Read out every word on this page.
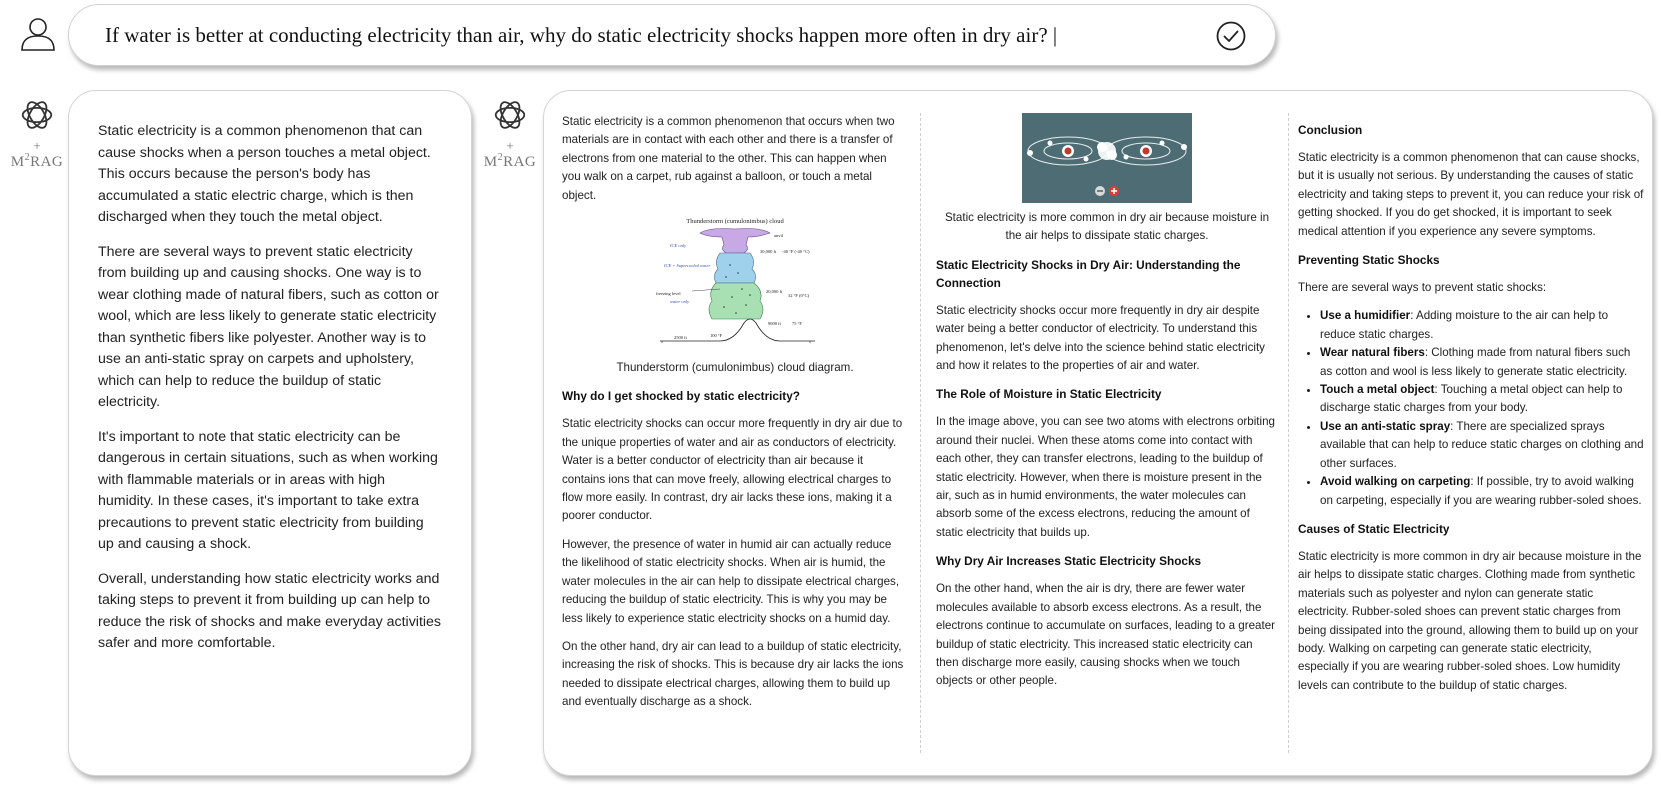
If water is better at conducting electricity than air, why do static electricity shocks happen more often in dry air? |
+
$M^2RAG$

Static electricity is a common phenomenon that can cause shocks when a person touches a metal object. This occurs because the person's body has accumulated a static electric charge, which is then discharged when they touch the metal object.

There are several ways to prevent static electricity from building up and causing shocks. One way is to wear clothing made of natural fibers, such as cotton or wool, which are less likely to generate static electricity than synthetic fibers like polyester. Another way is to use an anti-static spray on carpets and upholstery, which can help to reduce the buildup of static electricity.

It's important to note that static electricity can be dangerous in certain situations, such as when working with flammable materials or in areas with high humidity. In these cases, it's important to take extra precautions to prevent static electricity from building up and causing a shock.

Overall, understanding how static electricity works and taking steps to prevent it from building up can help to reduce the risk of shocks and make everyday activities safer and more comfortable.

+
$M^2RAG$

Static electricity is a common phenomenon that occurs when two materials are in contact with each other and there is a transfer of electrons from one material to the other. This can happen when you walk on a carpet, rub against a balloon, or touch a metal object.

Thunderstorm (cumulonimbus) cloud
anvil
30,000 ft -40 °F (-40 °C)
20,000 ft
32 °F (0°C)
9000 ft 75 °F
2500 ft	100 °F
freezing level
ICE only
ICE + Supercooled water
water only

Thunderstorm (cumulonimbus) cloud diagram.

Why do I get shocked by static electricity?

Static electricity shocks can occur more frequently in dry air due to the unique properties of water and air as conductors of electricity. Water is a better conductor of electricity than air because it contains ions that can move freely, allowing electrical charges to flow more easily. In contrast, dry air lacks these ions, making it a poorer conductor.

However, the presence of water in humid air can actually reduce the likelihood of static electricity shocks. When air is humid, the water molecules in the air can help to dissipate electrical charges, reducing the buildup of static electricity. This is why you may be less likely to experience static electricity shocks on a humid day.

On the other hand, dry air can lead to a buildup of static electricity, increasing the risk of shocks. This is because dry air lacks the ions needed to dissipate electrical charges, allowing them to build up and eventually discharge as a shock.

Static electricity is more common in dry air because moisture in the air helps to dissipate static charges.

Static Electricity Shocks in Dry Air: Understanding the Connection

Static electricity shocks occur more frequently in dry air despite water being a better conductor of electricity. To understand this phenomenon, let's delve into the science behind static electricity and how it relates to the properties of air and water.

The Role of Moisture in Static Electricity

In the image above, you can see two atoms with electrons orbiting around their nuclei. When these atoms come into contact with each other, they can transfer electrons, leading to the buildup of static electricity. However, when there is moisture present in the air, such as in humid environments, the water molecules can absorb some of the excess electrons, reducing the amount of static electricity that builds up.

Why Dry Air Increases Static Electricity Shocks

On the other hand, when the air is dry, there are fewer water molecules available to absorb excess electrons. As a result, the electrons continue to accumulate on surfaces, leading to a greater buildup of static electricity. This increased static electricity can then discharge more easily, causing shocks when we touch objects or other people.

Conclusion

Static electricity is a common phenomenon that can cause shocks, but it is usually not serious. By understanding the causes of static electricity and taking steps to prevent it, you can reduce your risk of getting shocked. If you do get shocked, it is important to seek medical attention if you experience any severe symptoms.

Preventing Static Shocks

There are several ways to prevent static shocks:

• Use a humidifier: Adding moisture to the air can help to reduce static charges.
• Wear natural fibers: Clothing made from natural fibers such as cotton and wool is less likely to generate static electricity.
• Touch a metal object: Touching a metal object can help to discharge static charges from your body.
• Use an anti-static spray: There are specialized sprays available that can help to reduce static charges on clothing and other surfaces.
• Avoid walking on carpeting: If possible, try to avoid walking on carpeting, especially if you are wearing rubber-soled shoes.
Causes of Static Electricity

Static electricity is more common in dry air because moisture in the air helps to dissipate static charges. Clothing made from synthetic materials such as polyester and nylon can generate static electricity. Rubber-soled shoes can prevent static charges from being dissipated into the ground, allowing them to build up on your body. Walking on carpeting can generate static electricity, especially if you are wearing rubber-soled shoes. Low humidity levels can contribute to the buildup of static charges.
